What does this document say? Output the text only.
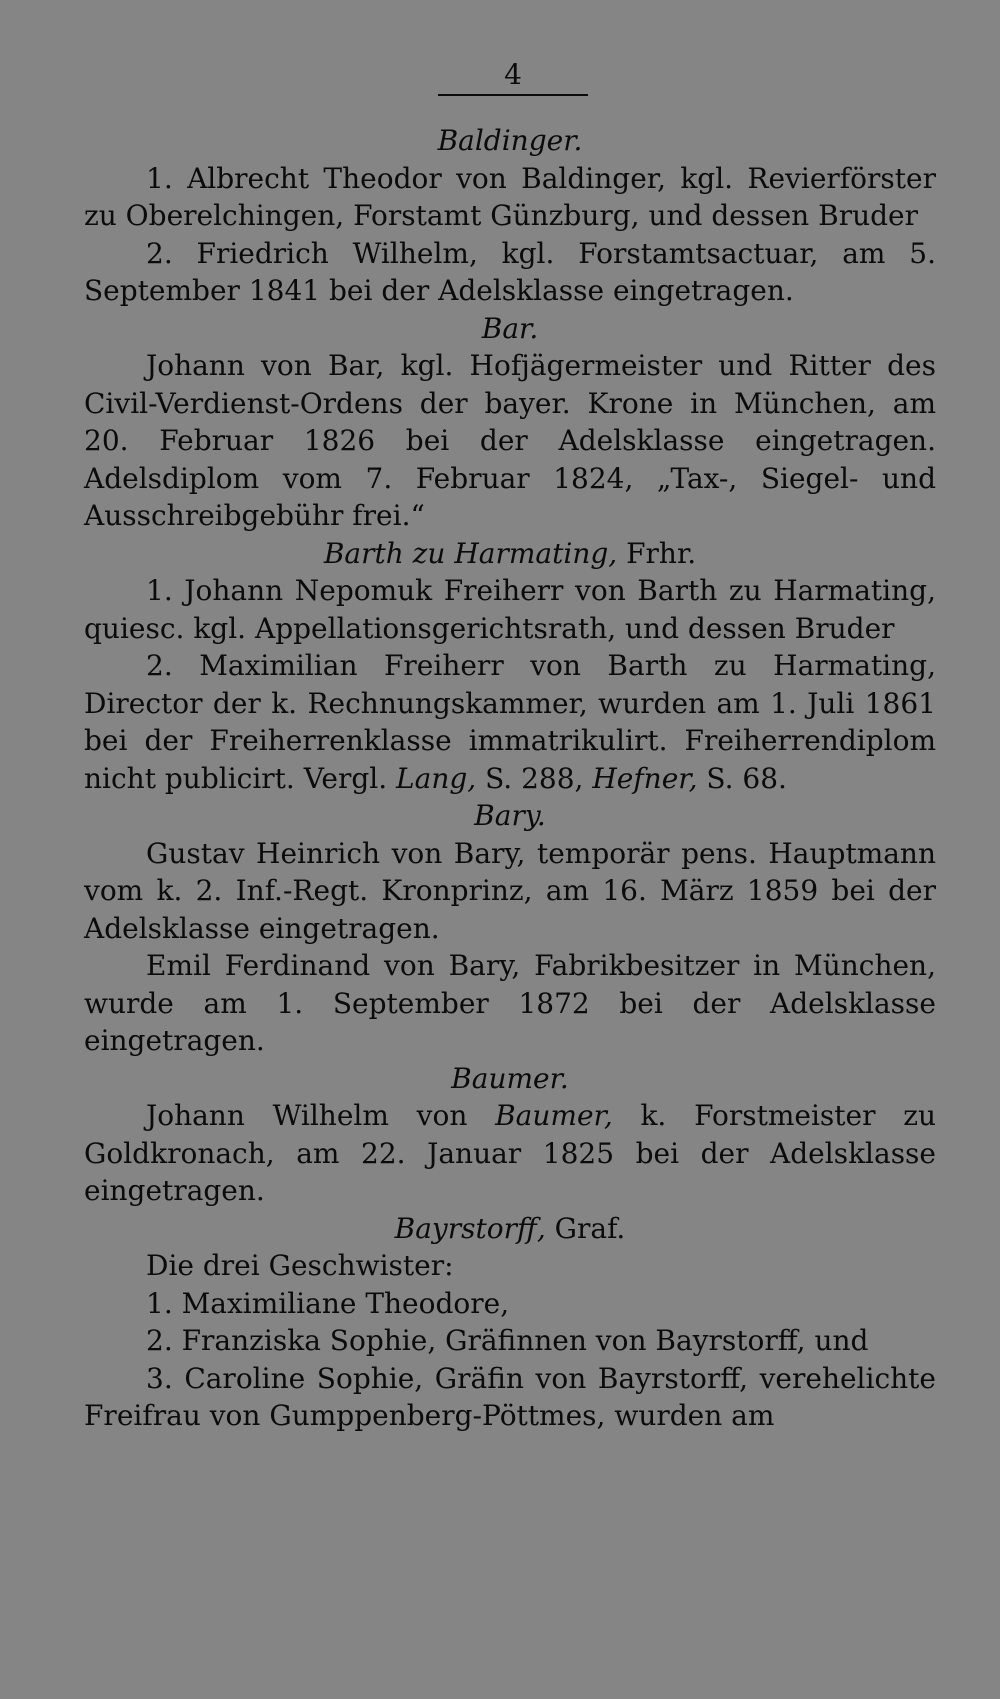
4
Baldinger.

1. Albrecht Theodor von Baldinger, kgl. Revierförster zu Oberelchingen, Forstamt Günzburg, und dessen Bruder

2. Friedrich Wilhelm, kgl. Forstamtsactuar, am 5. September 1841 bei der Adelsklasse eingetragen.

Bar.

Johann von Bar, kgl. Hofjägermeister und Ritter des Civil-Verdienst-Ordens der bayer. Krone in München, am 20. Februar 1826 bei der Adelsklasse eingetragen. Adelsdiplom vom 7. Februar 1824, „Tax-, Siegel- und Ausschreibgebühr frei.“

Barth zu Harmating, Frhr.

1. Johann Nepomuk Freiherr von Barth zu Harmating, quiesc. kgl. Appellationsgerichtsrath, und dessen Bruder

2. Maximilian Freiherr von Barth zu Harmating, Director der k. Rechnungskammer, wurden am 1. Juli 1861 bei der Freiherrenklasse immatrikulirt. Freiherrendiplom nicht publicirt. Vergl. Lang, S. 288, Hefner, S. 68.

Bary.

Gustav Heinrich von Bary, temporär pens. Hauptmann vom k. 2. Inf.-Regt. Kronprinz, am 16. März 1859 bei der Adelsklasse eingetragen.

Emil Ferdinand von Bary, Fabrikbesitzer in München, wurde am 1. September 1872 bei der Adelsklasse eingetragen.

Baumer.

Johann Wilhelm von Baumer, k. Forstmeister zu Goldkronach, am 22. Januar 1825 bei der Adelsklasse eingetragen.

Bayrstorff, Graf.

Die drei Geschwister:

1. Maximiliane Theodore,

2. Franziska Sophie, Gräfinnen von Bayrstorff, und

3. Caroline Sophie, Gräfin von Bayrstorff, verehelichte Freifrau von Gumppenberg-Pöttmes, wurden am
